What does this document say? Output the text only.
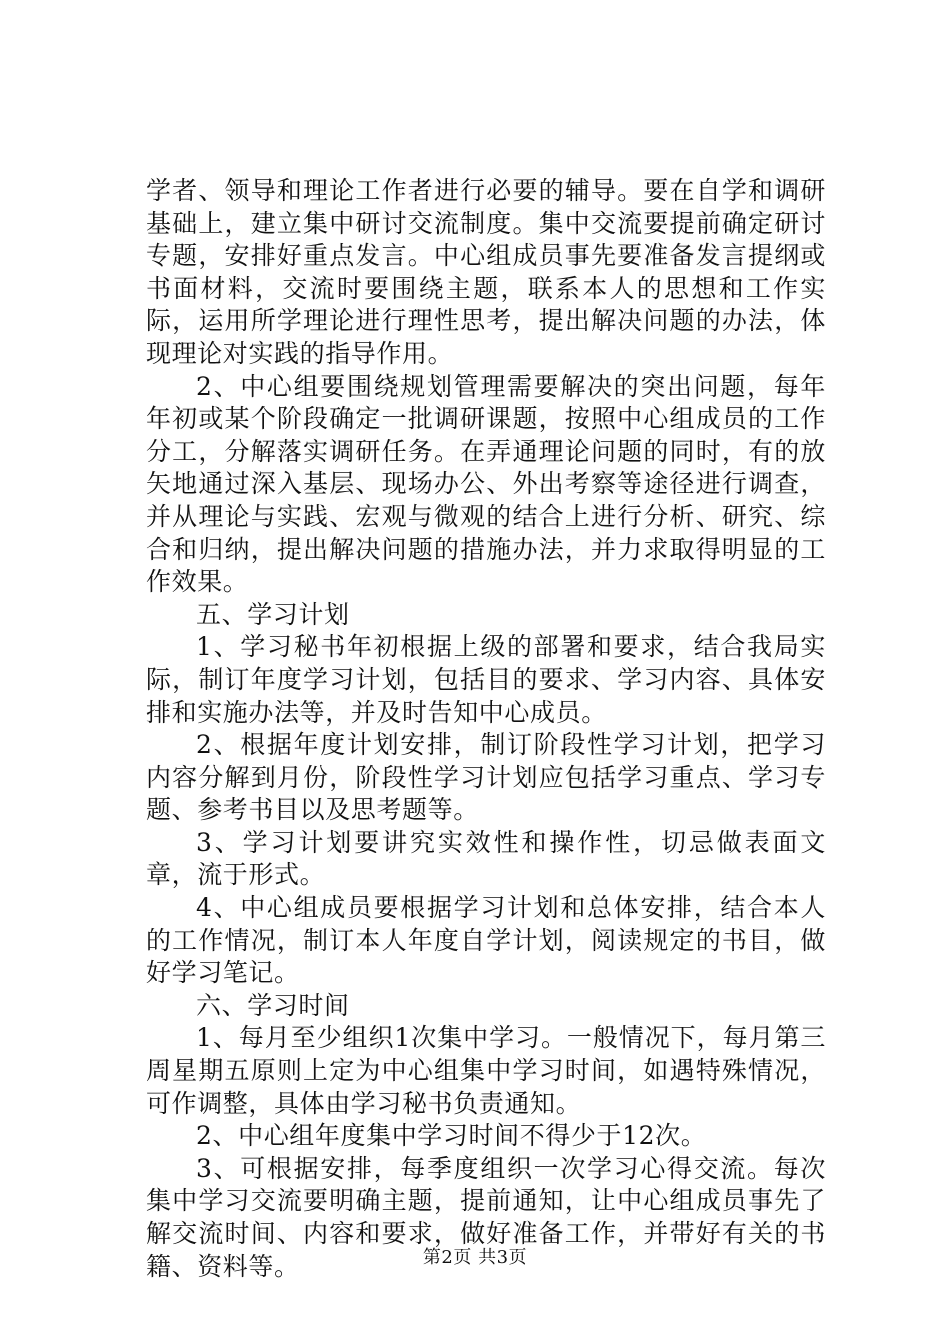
学者、领导和理论工作者进行必要的辅导。要在自学和调研基础上，建立集中研讨交流制度。集中交流要提前确定研讨专题，安排好重点发言。中心组成员事先要准备发言提纲或书面材料，交流时要围绕主题，联系本人的思想和工作实际，运用所学理论进行理性思考，提出解决问题的办法，体现理论对实践的指导作用。

2、中心组要围绕规划管理需要解决的突出问题，每年年初或某个阶段确定一批调研课题，按照中心组成员的工作分工，分解落实调研任务。在弄通理论问题的同时，有的放矢地通过深入基层、现场办公、外出考察等途径进行调查，并从理论与实践、宏观与微观的结合上进行分析、研究、综合和归纳，提出解决问题的措施办法，并力求取得明显的工作效果。

五、学习计划

1、学习秘书年初根据上级的部署和要求，结合我局实际，制订年度学习计划，包括目的要求、学习内容、具体安排和实施办法等，并及时告知中心成员。

2、根据年度计划安排，制订阶段性学习计划，把学习内容分解到月份，阶段性学习计划应包括学习重点、学习专题、参考书目以及思考题等。

3、学习计划要讲究实效性和操作性，切忌做表面文章，流于形式。

4、中心组成员要根据学习计划和总体安排，结合本人的工作情况，制订本人年度自学计划，阅读规定的书目，做好学习笔记。

六、学习时间

1、每月至少组织1次集中学习。一般情况下，每月第三周星期五原则上定为中心组集中学习时间，如遇特殊情况，可作调整，具体由学习秘书负责通知。

2、中心组年度集中学习时间不得少于12次。

3、可根据安排，每季度组织一次学习心得交流。每次集中学习交流要明确主题，提前通知，让中心组成员事先了解交流时间、内容和要求，做好准备工作，并带好有关的书籍、资料等。	第2页 共3页
